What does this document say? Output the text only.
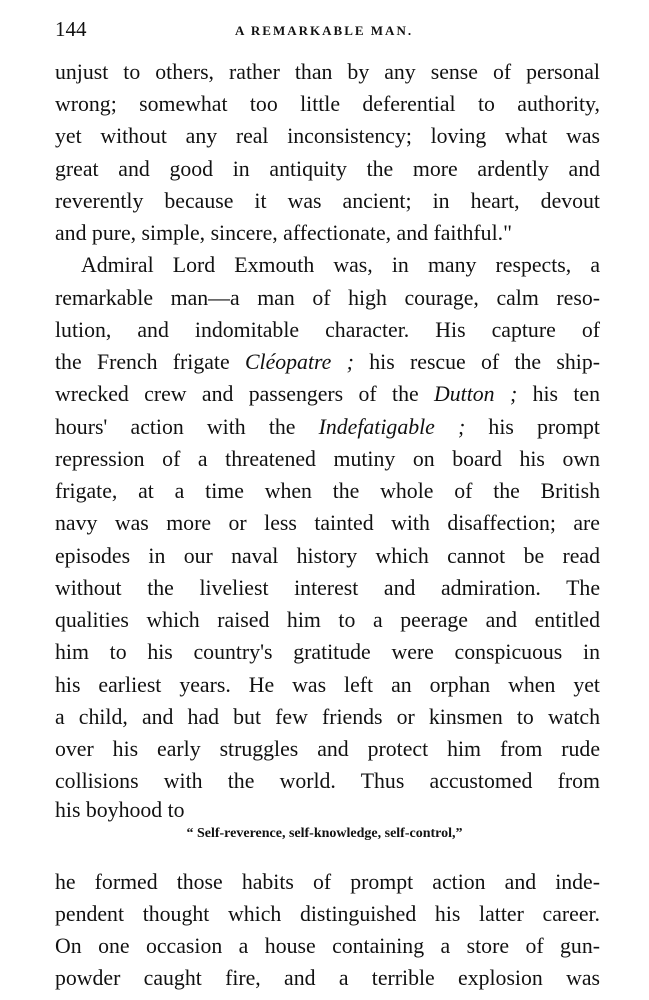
144	A REMARKABLE MAN.
unjust to others, rather than by any sense of personal
wrong; somewhat too little deferential to authority,
yet without any real inconsistency; loving what was
great and good in antiquity the more ardently and
reverently because it was ancient; in heart, devout
and pure, simple, sincere, affectionate, and faithful."
Admiral Lord Exmouth was, in many respects, a
remarkable man—a man of high courage, calm reso-
lution, and indomitable character. His capture of
the French frigate Cléopatre ; his rescue of the ship-
wrecked crew and passengers of the Dutton ; his ten
hours' action with the Indefatigable ; his prompt
repression of a threatened mutiny on board his own
frigate, at a time when the whole of the British
navy was more or less tainted with disaffection; are
episodes in our naval history which cannot be read
without the liveliest interest and admiration. The
qualities which raised him to a peerage and entitled
him to his country's gratitude were conspicuous in
his earliest years. He was left an orphan when yet
a child, and had but few friends or kinsmen to watch
over his early struggles and protect him from rude
collisions with the world. Thus accustomed from
his boyhood to
“ Self-reverence, self-knowledge, self-control,”
he formed those habits of prompt action and inde-
pendent thought which distinguished his latter career.
On one occasion a house containing a store of gun-
powder caught fire, and a terrible explosion was
